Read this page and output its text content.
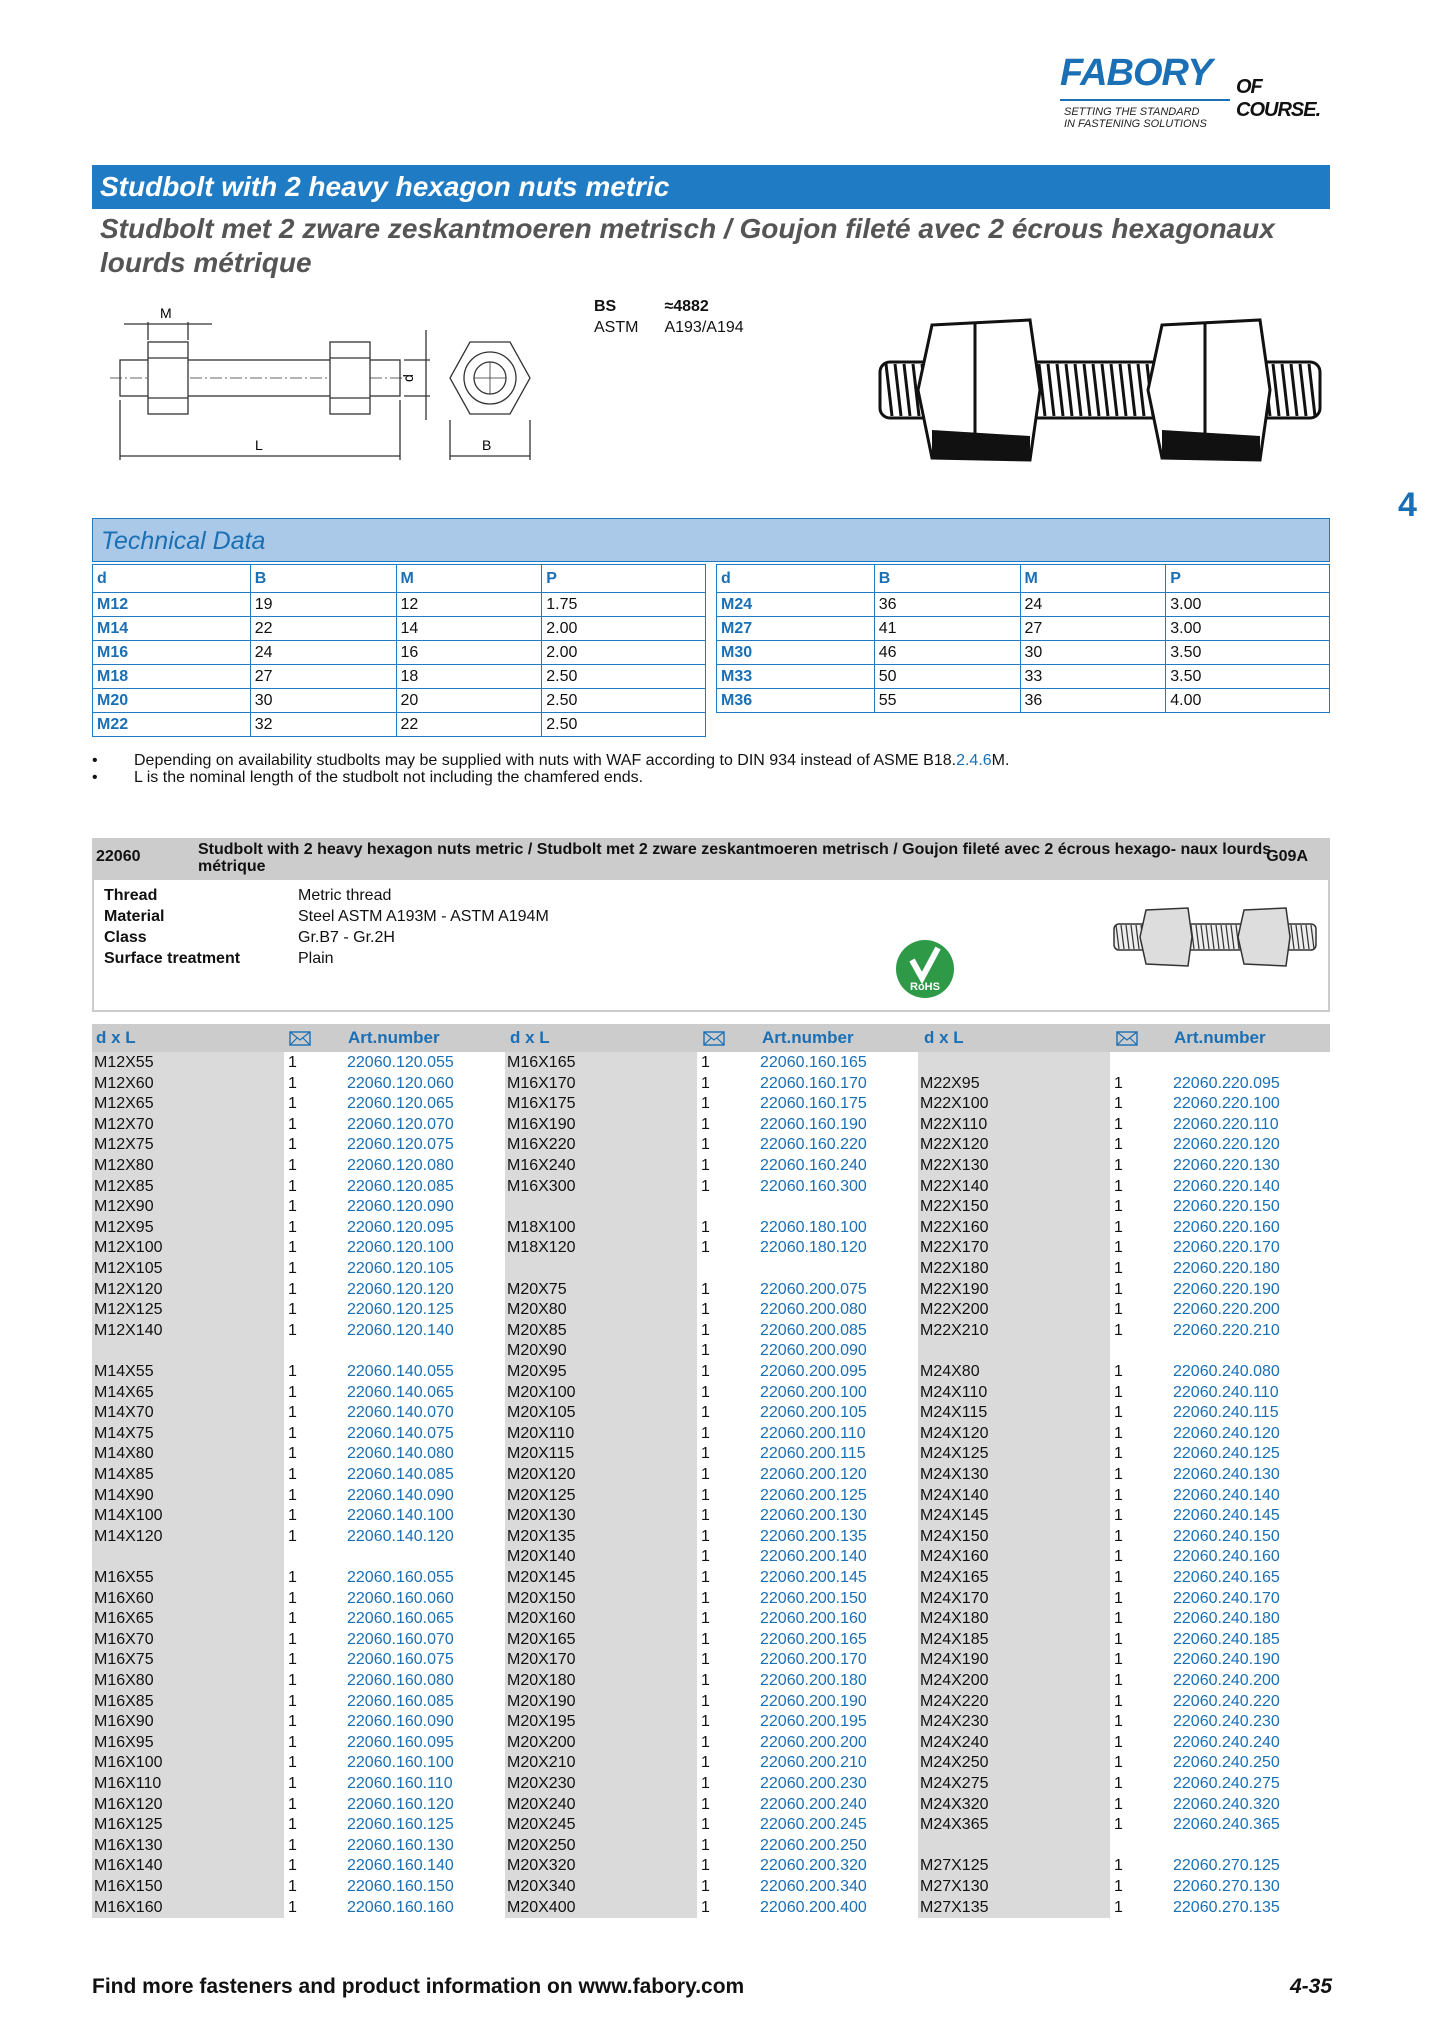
FABORY OF COURSE.
SETTING THE STANDARD
IN FASTENING SOLUTIONS
Studbolt with 2 heavy hexagon nuts metric
Studbolt met 2 zware zeskantmoeren metrisch / Goujon fileté avec 2 écrous hexagonaux lourds métrique
M
L
d
B
BS	≈4882
ASTM	A193/A194
4
Technical Data
d	B	M	P
M12	19	12	1.75
M14	22	14	2.00
M16	24	16	2.00
M18	27	18	2.50
M20	30	20	2.50
M22	32	22	2.50
d	B	M	P
M24	36	24	3.00
M27	41	27	3.00
M30	46	30	3.50
M33	50	33	3.50
M36	55	36	4.00
• Depending on availability studbolts may be supplied with nuts with WAF according to DIN 934 instead of ASME B18.2.4.6M.
• L is the nominal length of the studbolt not including the chamfered ends.
22060	Studbolt with 2 heavy hexagon nuts metric / Studbolt met 2 zware zeskantmoeren metrisch / Goujon fileté avec 2 écrous hexago- naux lourds métrique
G09A
Thread	Metric thread
Material	Steel ASTM A193M - ASTM A194M
Class	Gr.B7 - Gr.2H
Surface treatment	Plain
RoHS
d x L	Art.number	d x L	Art.number	d x L	Art.number
M12X55	1	22060.120.055
M12X60	1	22060.120.060
M12X65	1	22060.120.065
M12X70	1	22060.120.070
M12X75	1	22060.120.075
M12X80	1	22060.120.080
M12X85	1	22060.120.085
M12X90	1	22060.120.090
M12X95	1	22060.120.095
M12X100	1	22060.120.100
M12X105	1	22060.120.105
M12X120	1	22060.120.120
M12X125	1	22060.120.125
M12X140	1	22060.120.140
M14X55	1	22060.140.055
M14X65	1	22060.140.065
M14X70	1	22060.140.070
M14X75	1	22060.140.075
M14X80	1	22060.140.080
M14X85	1	22060.140.085
M14X90	1	22060.140.090
M14X100	1	22060.140.100
M14X120	1	22060.140.120
M16X55	1	22060.160.055
M16X60	1	22060.160.060
M16X65	1	22060.160.065
M16X70	1	22060.160.070
M16X75	1	22060.160.075
M16X80	1	22060.160.080
M16X85	1	22060.160.085
M16X90	1	22060.160.090
M16X95	1	22060.160.095
M16X100	1	22060.160.100
M16X110	1	22060.160.110
M16X120	1	22060.160.120
M16X125	1	22060.160.125
M16X130	1	22060.160.130
M16X140	1	22060.160.140
M16X150	1	22060.160.150
M16X160	1	22060.160.160
M16X165	1	22060.160.165
M16X170	1	22060.160.170
M16X175	1	22060.160.175
M16X190	1	22060.160.190
M16X220	1	22060.160.220
M16X240	1	22060.160.240
M16X300	1	22060.160.300
M18X100	1	22060.180.100
M18X120	1	22060.180.120
M20X75	1	22060.200.075
M20X80	1	22060.200.080
M20X85	1	22060.200.085
M20X90	1	22060.200.090
M20X95	1	22060.200.095
M20X100	1	22060.200.100
M20X105	1	22060.200.105
M20X110	1	22060.200.110
M20X115	1	22060.200.115
M20X120	1	22060.200.120
M20X125	1	22060.200.125
M20X130	1	22060.200.130
M20X135	1	22060.200.135
M20X140	1	22060.200.140
M20X145	1	22060.200.145
M20X150	1	22060.200.150
M20X160	1	22060.200.160
M20X165	1	22060.200.165
M20X170	1	22060.200.170
M20X180	1	22060.200.180
M20X190	1	22060.200.190
M20X195	1	22060.200.195
M20X200	1	22060.200.200
M20X210	1	22060.200.210
M20X230	1	22060.200.230
M20X240	1	22060.200.240
M20X245	1	22060.200.245
M20X250	1	22060.200.250
M20X320	1	22060.200.320
M20X340	1	22060.200.340
M20X400	1	22060.200.400
M22X95	1	22060.220.095
M22X100	1	22060.220.100
M22X110	1	22060.220.110
M22X120	1	22060.220.120
M22X130	1	22060.220.130
M22X140	1	22060.220.140
M22X150	1	22060.220.150
M22X160	1	22060.220.160
M22X170	1	22060.220.170
M22X180	1	22060.220.180
M22X190	1	22060.220.190
M22X200	1	22060.220.200
M22X210	1	22060.220.210
M24X80	1	22060.240.080
M24X110	1	22060.240.110
M24X115	1	22060.240.115
M24X120	1	22060.240.120
M24X125	1	22060.240.125
M24X130	1	22060.240.130
M24X140	1	22060.240.140
M24X145	1	22060.240.145
M24X150	1	22060.240.150
M24X160	1	22060.240.160
M24X165	1	22060.240.165
M24X170	1	22060.240.170
M24X180	1	22060.240.180
M24X185	1	22060.240.185
M24X190	1	22060.240.190
M24X200	1	22060.240.200
M24X220	1	22060.240.220
M24X230	1	22060.240.230
M24X240	1	22060.240.240
M24X250	1	22060.240.250
M24X275	1	22060.240.275
M24X320	1	22060.240.320
M24X365	1	22060.240.365
M27X125	1	22060.270.125
M27X130	1	22060.270.130
M27X135	1	22060.270.135
Find more fasteners and product information on www.fabory.com	4-35
